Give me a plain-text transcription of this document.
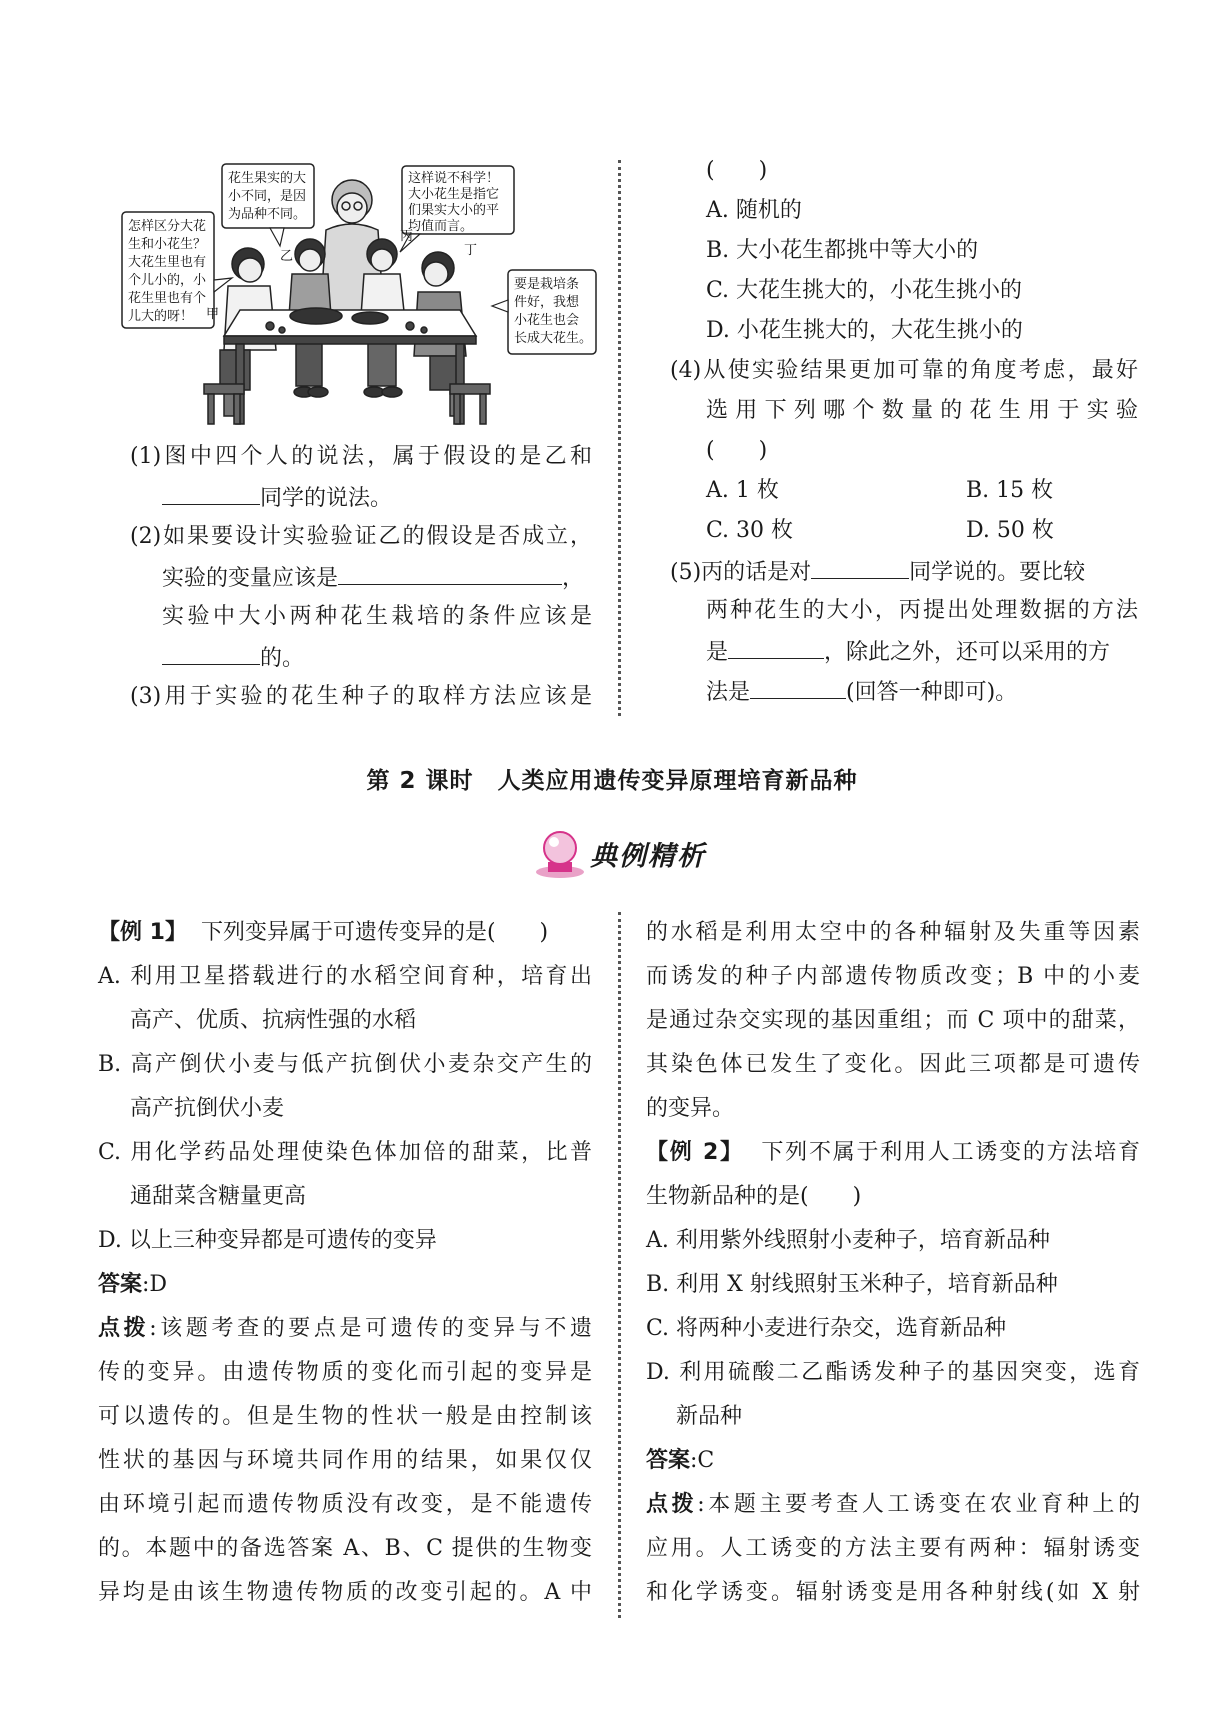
怎样区分大花生和小花生？大花生里也有个儿小的，小花生里也有个儿大的呀！
花生果实的大小不同，是因为品种不同。
这样说不科学！大小花生是指它们果实大小的平均值而言。
要是栽培条件好，我想小花生也会长成大花生。
甲
乙
丙
丁
(1)图中四个人的说法，属于假设的是乙和
同学的说法。
(2)如果要设计实验验证乙的假设是否成立，
实验的变量应该是	，
实验中大小两种花生栽培的条件应该是
的。
(3)用于实验的花生种子的取样方法应该是
(　　)
A. 随机的
B. 大小花生都挑中等大小的
C. 大花生挑大的，小花生挑小的
D. 小花生挑大的，大花生挑小的
(4)从使实验结果更加可靠的角度考虑，最好
选用下列哪个数量的花生用于实验
(　　)
A. 1 枚	B. 15 枚
C. 30 枚	D. 50 枚
(5)丙的话是对	同学说的。要比较
两种花生的大小，丙提出处理数据的方法
是	，除此之外，还可以采用的方
法是	(回答一种即可)。
第 2 课时　人类应用遗传变异原理培育新品种
典例精析
【例 1】 下列变异属于可遗传变异的是(　　)
A. 利用卫星搭载进行的水稻空间育种，培育出
高产、优质、抗病性强的水稻
B. 高产倒伏小麦与低产抗倒伏小麦杂交产生的
高产抗倒伏小麦
C. 用化学药品处理使染色体加倍的甜菜，比普
通甜菜含糖量更高
D. 以上三种变异都是可遗传的变异
答案:D
点拨:该题考查的要点是可遗传的变异与不遗
传的变异。由遗传物质的变化而引起的变异是
可以遗传的。但是生物的性状一般是由控制该
性状的基因与环境共同作用的结果，如果仅仅
由环境引起而遗传物质没有改变，是不能遗传
的。本题中的备选答案 A、B、C 提供的生物变
异均是由该生物遗传物质的改变引起的。A 中
的水稻是利用太空中的各种辐射及失重等因素
而诱发的种子内部遗传物质改变；B 中的小麦
是通过杂交实现的基因重组；而 C 项中的甜菜，
其染色体已发生了变化。因此三项都是可遗传
的变异。
【例 2】 下列不属于利用人工诱变的方法培育
生物新品种的是(　　)
A. 利用紫外线照射小麦种子，培育新品种
B. 利用 X 射线照射玉米种子，培育新品种
C. 将两种小麦进行杂交，选育新品种
D. 利用硫酸二乙酯诱发种子的基因突变，选育
新品种
答案:C
点拨:本题主要考查人工诱变在农业育种上的
应用。人工诱变的方法主要有两种：辐射诱变
和化学诱变。辐射诱变是用各种射线(如 X 射
